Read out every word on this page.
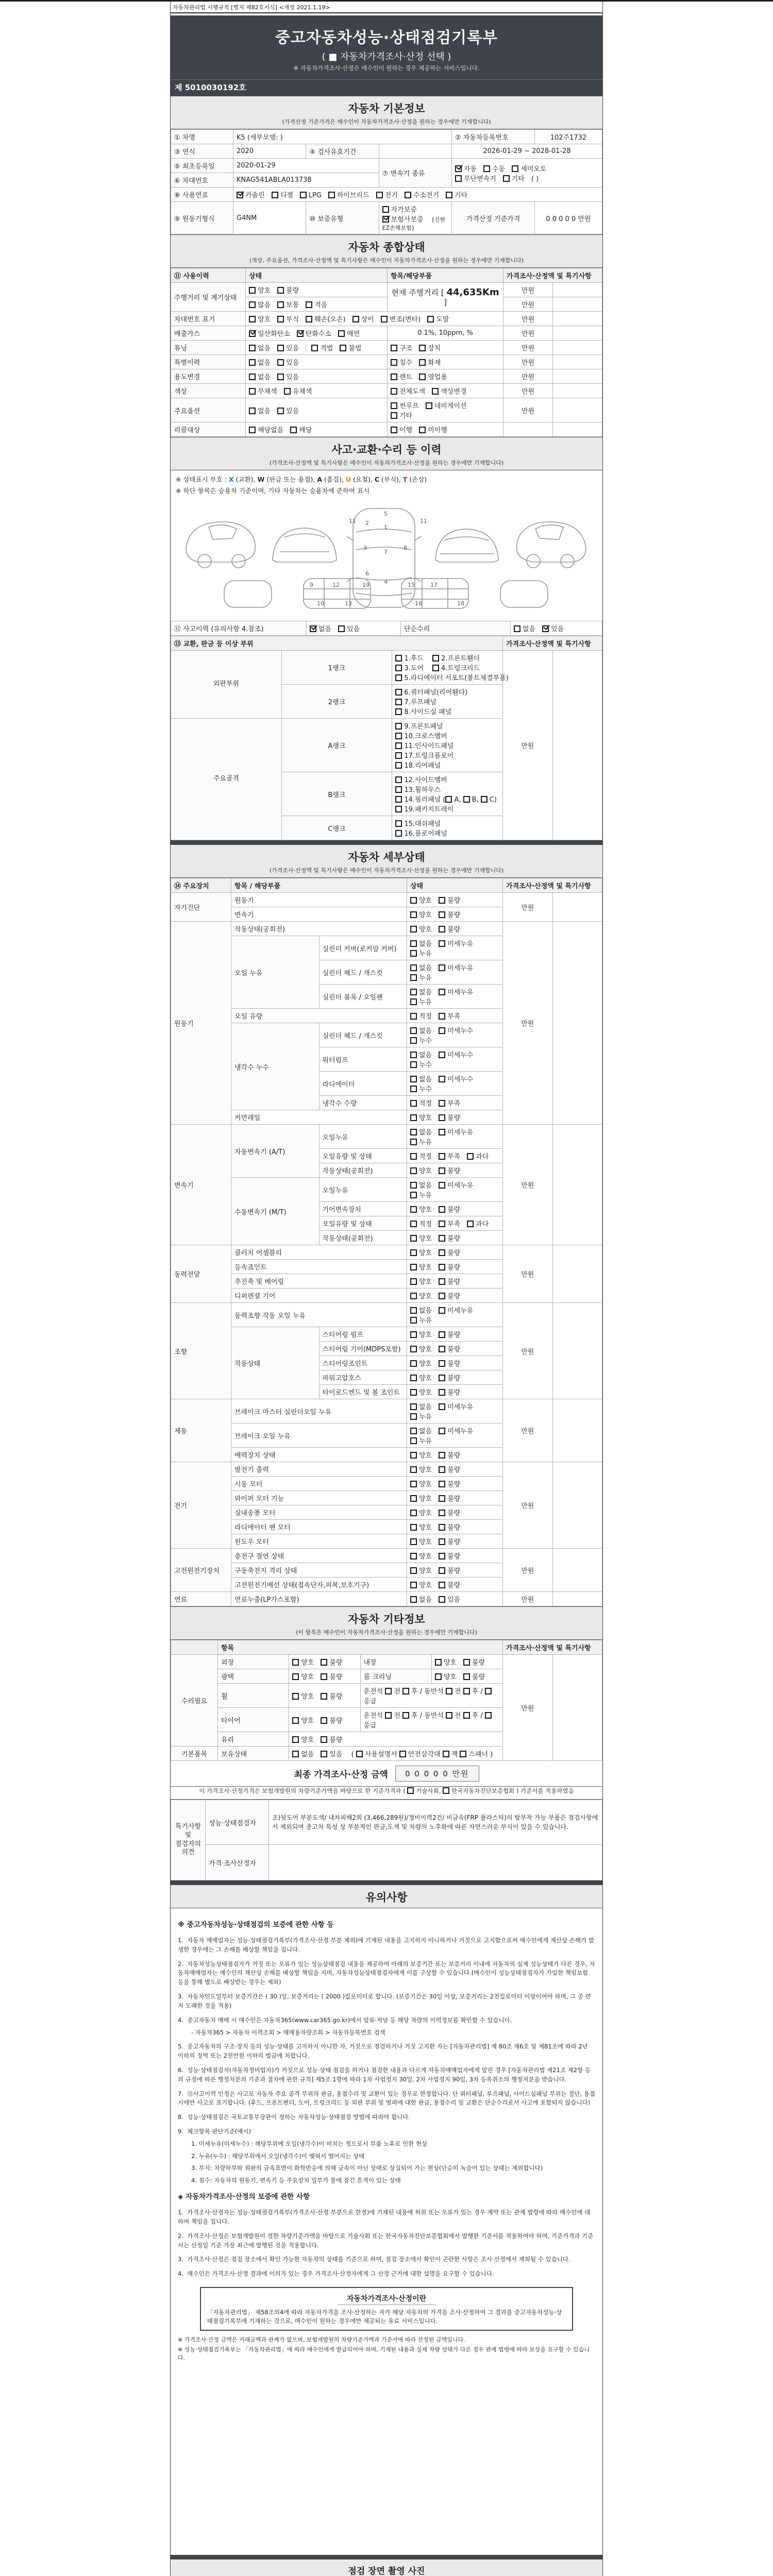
자동차관리법 시행규칙 [별지 제82호서식] <개정 2021.1.19>
중고자동차성능·상태점검기록부
( ■ 자동차가격조사·산정 선택 )
※ 자동차가격조사·산정은 매수인이 원하는 경우 제공하는 서비스입니다.
제 5010030192호
자동차 기본정보
(가격산정 기준가격은 매수인이 자동차가격조사·산정을 원하는 경우에만 기재합니다)
① 차명	K5 (세부모델: )			② 자동차등록번호	102주1732
③ 연식	2020	④ 검사유효기간		2026-01-29 ~ 2028-01-28	
⑤ 최초등록일	2020-01-29		⑦ 변속기 종류	자동 수동 세미오토
무단변속기 기타 ( )	
⑥ 차대번호	KNAG541ABLA013738				
⑧ 사용연료	가솔린 디젤 LPG 하이브리드 전기 수소전기 기타				
⑨ 원동기형식	G4NM	⑩ 보증유형	자가보증보험사보증 [신한EZ손해보험]	가격산정 기준가격	0 0 0 0 0 만원
자동차 종합상태
(색상, 주요옵션, 가격조사·산정액 및 특기사항은 매수인이 자동차가격조사·산정을 원하는 경우에만 기재합니다)
⑪ 사용이력	상태	항목/해당부품	가격조사·산정액 및 특기사항	
주행거리 및 계기상태	양호 불량	현재 주행거리 [ 44,635Km ]	만원	
	많음 보통 적음		만원	
차대번호 표기	양호 부식 훼손(오손) 상이 변조(변타) 도말		만원	
배출가스	일산화탄소 탄화수소 매연	0.1%, 10ppm, %	만원	
튜닝	없음 있음 적법 불법	구조 장치	만원	
특별이력	없음 있음	침수 화재	만원	
용도변경	없음 있음	렌트 영업용	만원	
색상	무채색 유채색	전체도색 색상변경	만원	
주요옵션	없음 있음	썬루프 네비게이션기타	만원	
리콜대상	해당없음 해당	이행 미이행		
사고·교환·수리 등 이력
(가격조사·산정액 및 특기사항은 매수인이 자동차가격조사·산정을 원하는 경우에만 기재합니다)
※ 상태표시 부호 : X (교환), W (판금 또는 용접), A (흠집), U (요철), C (부식), T (손상)
※ 하단 항목은 승용차 기준이며, 기타 자동차는 승용차에 준하여 표시
5
1
2
3
6
7
4
11	11
8
9
10
12
13
19	15
16
17
18
⑫ 사고이력 (유의사항 4.참조)	없음 있음	단순수리	없음 있음
⑬ 교환, 판금 등 이상 부위			가격조사·산정액 및 특기사항	
외판부위	1랭크	1.후드 2.프론트휀더 3.도어 4.트렁크리드 5.라디에이터 서포트(볼트체결부품)	만원	
	2랭크	6.쿼터패널(리어휀다) 7.루프패널 8.사이드실 패널		
주요골격	A랭크	9.프론트패널 10.크로스멤버 11.인사이드패널 17.트렁크플로어 18.리어패널		
	B랭크	12.사이드멤버 13.휠하우스 14.필러패널 ( A, B, C) 19.패키지트레이		
	C랭크	15.대쉬패널 16.플로어패널		
자동차 세부상태
(가격조사·산정액 및 특기사항은 매수인이 자동차가격조사·산정을 원하는 경우에만 기재합니다)
⑭ 주요장치	항목 / 해당부품		상태	가격조사·산정액 및 특기사항	
자기진단	원동기		양호 불량	만원	
	변속기		양호 불량		
원동기	작동상태(공회전)		양호 불량	만원	
	오일 누유	실린더 커버(로커암 커버)	없음 미세누유누유		
		실린더 헤드 / 개스킷	없음 미세누유누유		
		실린더 블록 / 오일팬	없음 미세누유누유		
	오일 유량		적정 부족		
	냉각수 누수	실린더 헤드 / 개스킷	없음 미세누수누수		
		워터펌프	없음 미세누수누수		
		라디에이터	없음 미세누수누수		
		냉각수 수량	적정 부족		
	커먼레일		양호 불량		
변속기	자동변속기 (A/T)	오일누유	없음 미세누유누유	만원	
		오일유량 및 상태	적정 부족 과다		
		작동상태(공회전)	양호 불량		
	수동변속기 (M/T)	오일누유	없음 미세누유누유		
		기어변속장치	양호 불량		
		오일유량 및 상태	적정 부족 과다		
		작동상태(공회전)	양호 불량		
동력전달	클러치 어셈블리		양호 불량	만원	
	등속죠인트		양호 불량		
	추진축 및 베어링		양호 불량		
	디퍼렌셜 기어		양호 불량		
조향	동력조향 작동 오일 누유		없음 미세누유누유	만원	
	작동상태	스티어링 펌프	양호 불량		
		스티어링 기어(MDPS포함)	양호 불량		
		스티어링조인트	양호 불량		
		파워고압호스	양호 불량		
		타이로드엔드 및 볼 조인트	양호 불량		
제동	브레이크 마스터 실린더오일 누유		없음 미세누유누유	만원	
	브레이크 오일 누유		없음 미세누유누유		
	배력장치 상태		양호 불량		
전기	발전기 출력		양호 불량	만원	
	시동 모터		양호 불량		
	와이퍼 모터 기능		양호 불량		
	실내송풍 모터		양호 불량		
	라디에이터 팬 모터		양호 불량		
	윈도우 모터		양호 불량		
고전원전기장치	충전구 절연 상태		양호 불량	만원	
	구동축전지 격리 상태		양호 불량		
	고전원전기배선 상태(접속단자,피복,보호기구)		양호 불량		
연료	연료누출(LP가스포함)		없음 있음	만원	
자동차 기타정보
(이 항목은 매수인이 자동차가격조사·산정을 원하는 경우에만 기재합니다)
	항목				가격조사·산정액 및 특기사항	
수리필요	외장	양호 불량	내장	양호 불량	만원	
	광택	양호 불량	룸 크리닝	양호 불량		
	휠	양호 불량	운전석 전 후 / 동반석 전 후 / 응급			
	타이어	양호 불량	운전석 전 후 / 동반석 전 후 / 응급			
	유리	양호 불량				
기본품목	보유상태	없음 있음 ( 사용설명서 안전삼각대 잭 스패너 )				
최종 가격조사·산정 금액	0 0 0 0 0 만원
이 가격조사·산정가격은 보험개발원의 차량기준가액을 바탕으로 한 기준가격과 ( 기술사회, 한국자동차진단보증협회 ) 기준서를 적용하였음
특기사항 및 점검자의 의견	성능·상태점검자	조)뒷도어 부분도색/ 내차피해2회 (3,466,289원)/정비이력2건/ 비금속(FRP 플라스틱)의 탈부착 가능 부품은 점검사항에서 제외되며 중고차 특성 상 부분적인 판금,도색 및 차량의 노후화에 따른 자연스러운 부식이 있을 수 있습니다.
	가격·조사산정자	
유의사항
※ 중고자동차성능·상태점검의 보증에 관한 사항 등

1.  자동차 매매업자는 성능·상태점검기록부(가격조사·산정 부분 제외)에 기재된 내용을 고지하지 아니하거나 거짓으로 고지함으로써 매수인에게 재산상 손해가 발생한 경우에는 그 손해를 배상할 책임을 집니다.

2.  자동차성능상태점검자가 거짓 또는 오류가 있는 성능상태점검 내용을 제공하여 아래의 보증기간 또는 보증거리 이내에 자동차의 실제 성능상태가 다른 경우, 자동차매매업자는 매수인의 재산상 손해를 배상할 책임을 지며, 자동차성능상태점검자에게 이를 구상할 수 있습니다.(매수인이 성능상태점검자가 가입한 책임보험 등을 통해 별도로 배상받는 경우는 제외)

3.  자동차인도일부터 보증기간은 ( 30 )일, 보증거리는 ( 2000 )킬로미터로 합니다. (보증기간은 30일 이상, 보증거리는 2천킬로미터 이상이어야 하며, 그 중 먼저 도래한 것을 적용)

4.  중고자동차 매매 시 매수인은 자동차365(www.car365.go.kr)에서 압류·저당 등 해당 차량의 이력정보를 확인할 수 있습니다.

- 자동차365 > 자동차 이력조회 > 매매용차량조회 > 자동차등록번호 검색

5.  중고자동차의 구조·장치 등의 성능·상태를 고지하지 아니한 자, 거짓으로 점검하거나 거짓 고지한 자는 [자동차관리법] 제 80조 제6호 및 제81조에 따라 2년 이하의 징역 또는 2천만원 이하의 벌금에 처합니다.

6.  성능·상태점검자(자동차정비업자)가 거짓으로 성능·상태 점검을 하거나 점검한 내용과 다르게 자동차매매업자에게 알린 경우 [자동차관리법 제21조 제2항 등의 규정에 따른 행정처분의 기준과 절차에 관한 규칙] 제5조 1항에 따라 1차 사업정지 30일, 2차 사업정지 90일, 3차 등록취소의 행정처분을 받습니다.

7.  ⑫사고이력 인정은 사고로 자동차 주요 골격 부위의 판금, 용접수리 및 교환이 있는 경우로 한정합니다. 단 쿼터패널, 루프패널, 사이드실패널 부위는 절단, 용접 시에만 사고로 표기합니다. (후드, 프론트펜더, 도어, 트렁크리드 등 외판 부위 및 범퍼에 대한 판금, 용접수리 및 교환은 단순수리로서 사고에 포함되지 않습니다)

8.  성능·상태점검은 국토교통부장관이 정하는 자동차성능·상태점검 방법에 따라야 합니다.

9.  체크항목 판단기준(예시)

1. 미세누유(미세누수) : 해당부위에 오일(냉각수)이 비치는 정도로서 부품 노후로 인한 현상

2. 누유(누수) : 해당부위에서 오일(냉각수)이 맺혀서 떨어지는 상태

3. 부식: 차량하부와 외판의 금속표면이 화학반응에 의해 금속이 아닌 상태로 상실되어 가는 현상(단순히 녹슬어 있는 상태는 제외합니다)

4. 침수: 자동차의 원동기, 변속기 등 주요장치 일부가 물에 잠긴 흔적이 있는 상태

◈ 자동차가격조사·산정의 보증에 관한 사항

1.  가격조사·산정자는 성능·상태점검기록부(가격조사·산정 부분으로 한정)에 기재된 내용에 허위 또는 오류가 있는 경우 계약 또는 관계 법령에 따라 매수인에 대하여 책임을 집니다.

2.  가격조사·산정은 보험개발원이 정한 차량기준가액을 바탕으로 기술사회 또는 한국자동차진단보증협회에서 발행한 기준서를 적용하여야 하며, 기준가격과 기준서는 산정일 기준 가장 최근에 발행된 것을 적용합니다.

3.  가격조사·산정은 점검 장소에서 확인 가능한 자동차의 상태를 기준으로 하며, 점검 장소에서 확인이 곤란한 사항은 조사·산정에서 제외될 수 있습니다.

4.  매수인은 가격조사·산정 결과에 이의가 있는 경우 가격조사·산정자에게 그 산정 근거에 대한 설명을 요구할 수 있습니다.

자동차가격조사·산정이란
「자동차관리법」 제58조의4에 따라 자동차가격을 조사·산정하는 자가 해당 자동차의 가격을 조사·산정하여 그 결과를 중고자동차성능·상태점검기록부에 기재하는 것으로, 매수인이 원하는 경우에만 제공되는 유료 서비스입니다.
※ 가격조사·산정 금액은 거래금액과 관계가 없으며, 보험개발원의 차량기준가액과 기준서에 따라 산정된 금액입니다.
※ 성능·상태점검기록부는 「자동차관리법」에 따라 매수인에게 발급되어야 하며, 기재된 내용과 실제 차량 상태가 다른 경우 관계 법령에 따라 보상을 요구할 수 있습니다.
점검 장면 촬영 사진
